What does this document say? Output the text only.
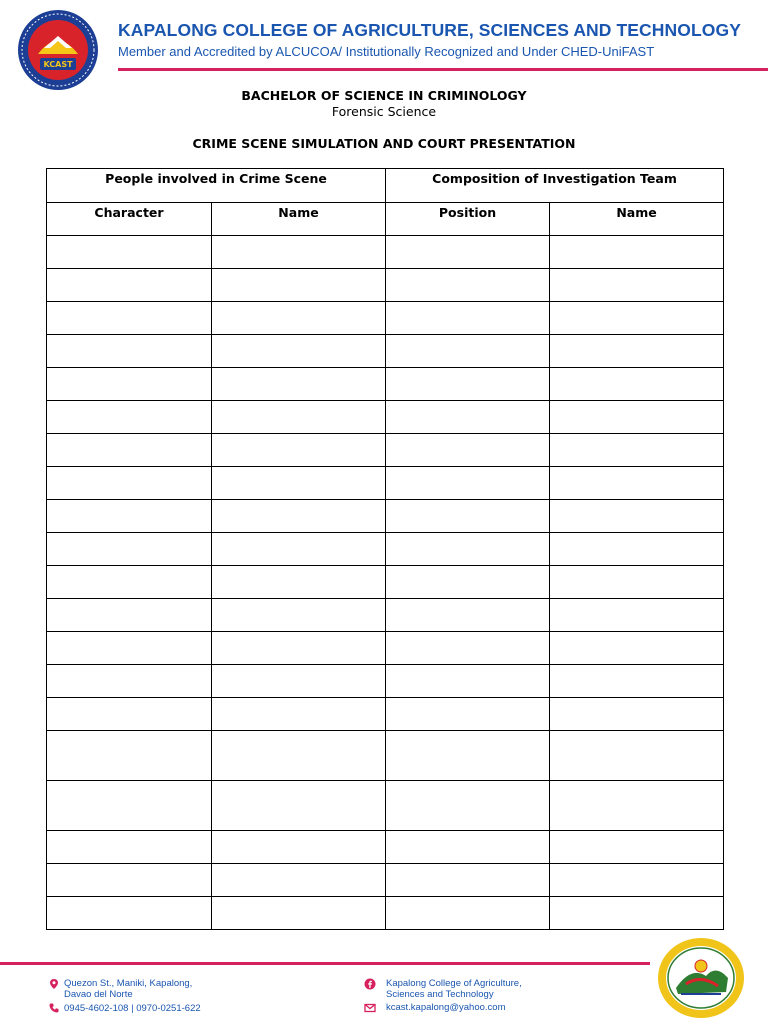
KCAST
KAPALONG COLLEGE OF AGRICULTURE, SCIENCES AND TECHNOLOGY
Member and Accredited by ALCUCOA/ Institutionally Recognized and Under CHED-UniFAST
BACHELOR OF SCIENCE IN CRIMINOLOGY
Forensic Science
CRIME SCENE SIMULATION AND COURT PRESENTATION
People involved in Crime Scene		Composition of Investigation Team	
Character	Name	Position	Name

Quezon St., Maniki, Kapalong,
Davao del Norte
0945-4602-108 | 0970-0251-622
Kapalong College of Agriculture,
Sciences and Technology
kcast.kapalong@yahoo.com
